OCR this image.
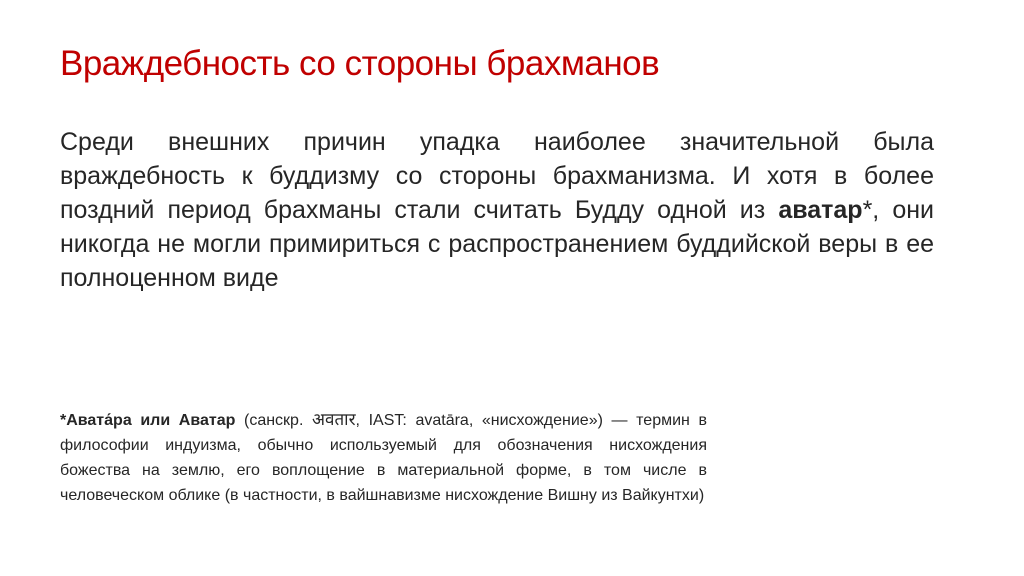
Враждебность со стороны брахманов

Среди внешних причин упадка наиболее значительной была враждебность к буддизму со стороны брахманизма. И хотя в более поздний период брахманы стали считать Будду одной из аватар*, они никогда не могли примириться с распространением буддийской веры в ее полноценном виде

*Авата́ра или Аватар (санскр. अवतार, IAST: avatāra, «нисхождение») — термин в философии индуизма, обычно используемый для обозначения нисхождения божества на землю, его воплощение в материальной форме, в том числе в человеческом облике (в частности, в вайшнавизме нисхождение Вишну из Вайкунтхи)
